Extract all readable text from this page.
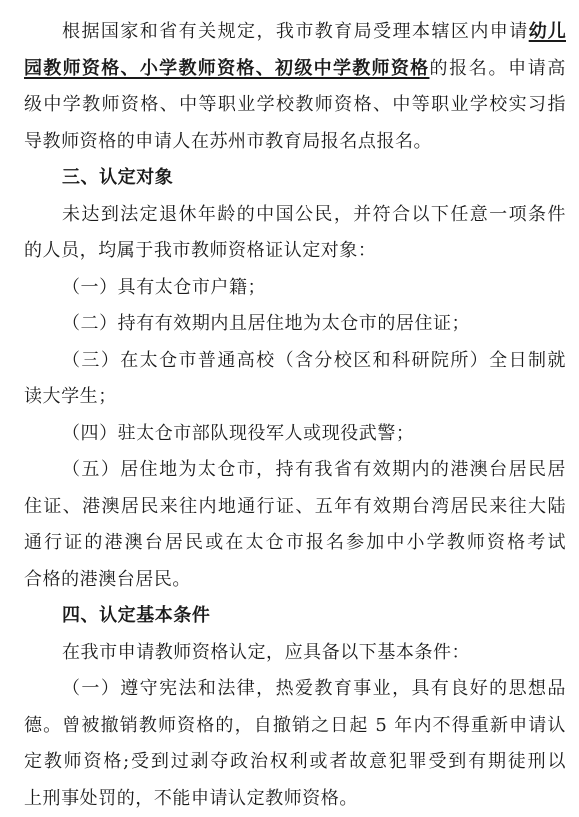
根据国家和省有关规定，我市教育局受理本辖区内申请幼儿
园教师资格、小学教师资格、初级中学教师资格的报名。申请高
级中学教师资格、中等职业学校教师资格、中等职业学校实习指
导教师资格的申请人在苏州市教育局报名点报名。
三、认定对象
未达到法定退休年龄的中国公民，并符合以下任意一项条件
的人员，均属于我市教师资格证认定对象：
（一）具有太仓市户籍；
（二）持有有效期内且居住地为太仓市的居住证；
（三）在太仓市普通高校（含分校区和科研院所）全日制就
读大学生；
（四）驻太仓市部队现役军人或现役武警；
（五）居住地为太仓市，持有我省有效期内的港澳台居民居
住证、港澳居民来往内地通行证、五年有效期台湾居民来往大陆
通行证的港澳台居民或在太仓市报名参加中小学教师资格考试
合格的港澳台居民。
四、认定基本条件
在我市申请教师资格认定，应具备以下基本条件：
（一）遵守宪法和法律，热爱教育事业，具有良好的思想品
德。曾被撤销教师资格的，自撤销之日起 5 年内不得重新申请认
定教师资格;受到过剥夺政治权利或者故意犯罪受到有期徒刑以
上刑事处罚的，不能申请认定教师资格。
